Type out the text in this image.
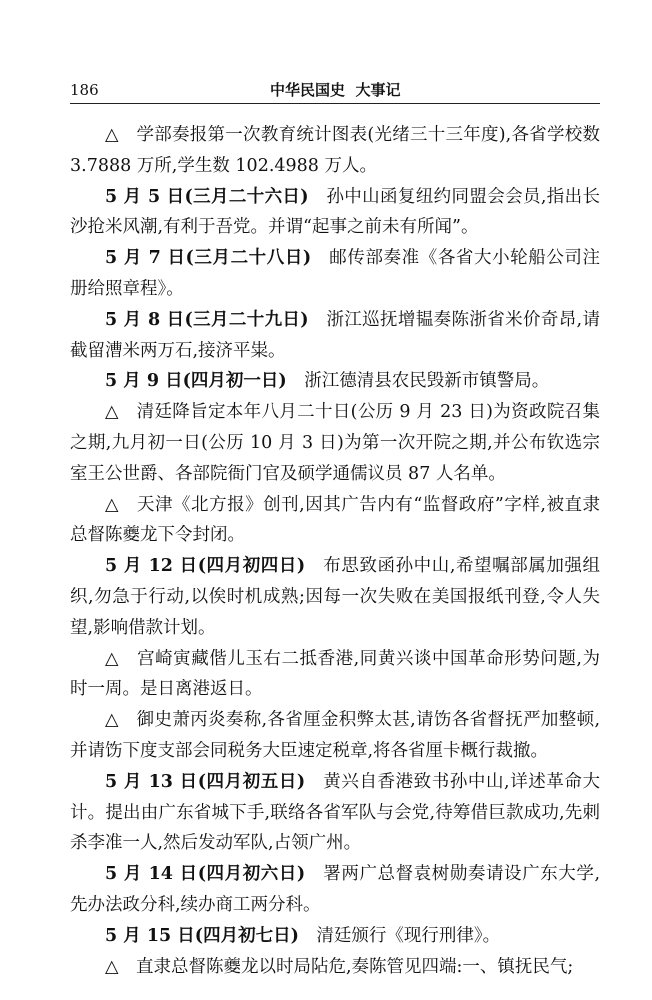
186	中华民国史  大事记

△  学部奏报第一次教育统计图表(光绪三十三年度),各省学校数 3.7888 万所,学生数 102.4988 万人。

5 月 5 日(三月二十六日)  孙中山函复纽约同盟会会员,指出长沙抢米风潮,有利于吾党。并谓“起事之前未有所闻”。

5 月 7 日(三月二十八日)  邮传部奏准《各省大小轮船公司注册给照章程》。

5 月 8 日(三月二十九日)  浙江巡抚增韫奏陈浙省米价奇昂,请截留漕米两万石,接济平粜。

5 月 9 日(四月初一日)  浙江德清县农民毁新市镇警局。

△  清廷降旨定本年八月二十日(公历 9 月 23 日)为资政院召集之期,九月初一日(公历 10 月 3 日)为第一次开院之期,并公布钦选宗室王公世爵、各部院衙门官及硕学通儒议员 87 人名单。

△  天津《北方报》创刊,因其广告内有“监督政府”字样,被直隶总督陈夔龙下令封闭。

5 月 12 日(四月初四日)  布思致函孙中山,希望嘱部属加强组织,勿急于行动,以俟时机成熟;因每一次失败在美国报纸刊登,令人失望,影响借款计划。

△  宫崎寅藏偕儿玉右二抵香港,同黄兴谈中国革命形势问题,为时一周。是日离港返日。

△  御史萧丙炎奏称,各省厘金积弊太甚,请饬各省督抚严加整顿,并请饬下度支部会同税务大臣速定税章,将各省厘卡概行裁撤。

5 月 13 日(四月初五日)  黄兴自香港致书孙中山,详述革命大计。提出由广东省城下手,联络各省军队与会党,待筹借巨款成功,先刺杀李准一人,然后发动军队,占领广州。

5 月 14 日(四月初六日)  署两广总督袁树勋奏请设广东大学,先办法政分科,续办商工两分科。

5 月 15 日(四月初七日)  清廷颁行《现行刑律》。

△  直隶总督陈夔龙以时局阽危,奏陈管见四端:一、镇抚民气;
